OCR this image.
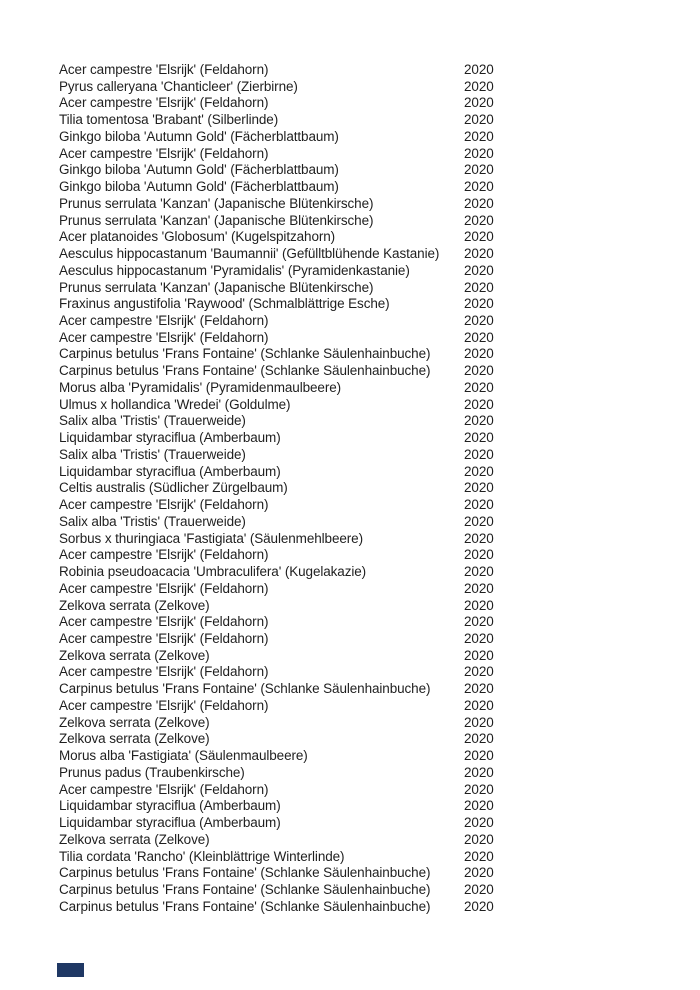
Acer campestre 'Elsrijk' (Feldahorn)	2020
Pyrus calleryana 'Chanticleer' (Zierbirne)	2020
Acer campestre 'Elsrijk' (Feldahorn)	2020
Tilia tomentosa 'Brabant' (Silberlinde)	2020
Ginkgo biloba 'Autumn Gold' (Fächerblattbaum)	2020
Acer campestre 'Elsrijk' (Feldahorn)	2020
Ginkgo biloba 'Autumn Gold' (Fächerblattbaum)	2020
Ginkgo biloba 'Autumn Gold' (Fächerblattbaum)	2020
Prunus serrulata 'Kanzan' (Japanische Blütenkirsche)	2020
Prunus serrulata 'Kanzan' (Japanische Blütenkirsche)	2020
Acer platanoides 'Globosum' (Kugelspitzahorn)	2020
Aesculus hippocastanum 'Baumannii' (Gefülltblühende Kastanie)	2020
Aesculus hippocastanum 'Pyramidalis' (Pyramidenkastanie)	2020
Prunus serrulata 'Kanzan' (Japanische Blütenkirsche)	2020
Fraxinus angustifolia 'Raywood' (Schmalblättrige Esche)	2020
Acer campestre 'Elsrijk' (Feldahorn)	2020
Acer campestre 'Elsrijk' (Feldahorn)	2020
Carpinus betulus 'Frans Fontaine' (Schlanke Säulenhainbuche)	2020
Carpinus betulus 'Frans Fontaine' (Schlanke Säulenhainbuche)	2020
Morus alba 'Pyramidalis' (Pyramidenmaulbeere)	2020
Ulmus x hollandica 'Wredei' (Goldulme)	2020
Salix alba 'Tristis' (Trauerweide)	2020
Liquidambar styraciflua (Amberbaum)	2020
Salix alba 'Tristis' (Trauerweide)	2020
Liquidambar styraciflua (Amberbaum)	2020
Celtis australis (Südlicher Zürgelbaum)	2020
Acer campestre 'Elsrijk' (Feldahorn)	2020
Salix alba 'Tristis' (Trauerweide)	2020
Sorbus x thuringiaca 'Fastigiata' (Säulenmehlbeere)	2020
Acer campestre 'Elsrijk' (Feldahorn)	2020
Robinia pseudoacacia 'Umbraculifera' (Kugelakazie)	2020
Acer campestre 'Elsrijk' (Feldahorn)	2020
Zelkova serrata (Zelkove)	2020
Acer campestre 'Elsrijk' (Feldahorn)	2020
Acer campestre 'Elsrijk' (Feldahorn)	2020
Zelkova serrata (Zelkove)	2020
Acer campestre 'Elsrijk' (Feldahorn)	2020
Carpinus betulus 'Frans Fontaine' (Schlanke Säulenhainbuche)	2020
Acer campestre 'Elsrijk' (Feldahorn)	2020
Zelkova serrata (Zelkove)	2020
Zelkova serrata (Zelkove)	2020
Morus alba 'Fastigiata' (Säulenmaulbeere)	2020
Prunus padus (Traubenkirsche)	2020
Acer campestre 'Elsrijk' (Feldahorn)	2020
Liquidambar styraciflua (Amberbaum)	2020
Liquidambar styraciflua (Amberbaum)	2020
Zelkova serrata (Zelkove)	2020
Tilia cordata 'Rancho' (Kleinblättrige Winterlinde)	2020
Carpinus betulus 'Frans Fontaine' (Schlanke Säulenhainbuche)	2020
Carpinus betulus 'Frans Fontaine' (Schlanke Säulenhainbuche)	2020
Carpinus betulus 'Frans Fontaine' (Schlanke Säulenhainbuche)	2020
